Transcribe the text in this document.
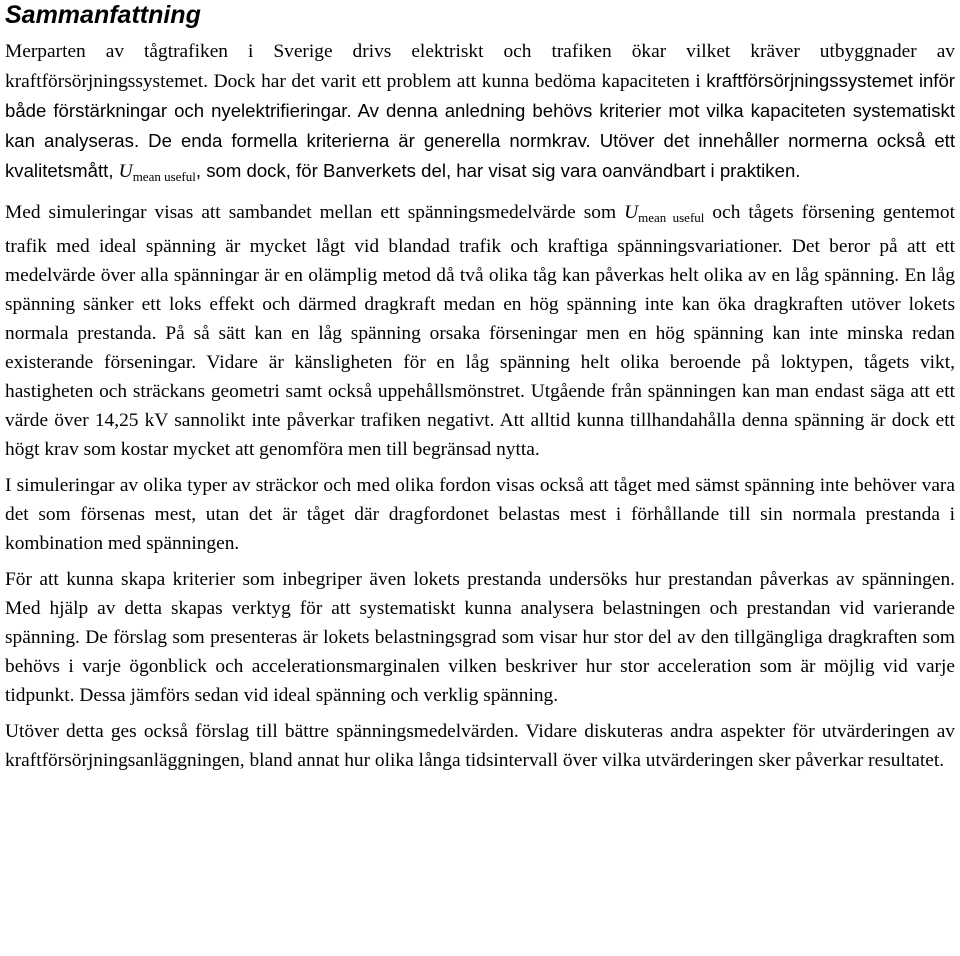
Sammanfattning

Merparten av tågtrafiken i Sverige drivs elektriskt och trafiken ökar vilket kräver utbyggnader av kraftförsörjningssystemet. Dock har det varit ett problem att kunna bedöma kapaciteten i kraftförsörjningssystemet inför både förstärkningar och nyelektrifieringar. Av denna anledning behövs kriterier mot vilka kapaciteten systematiskt kan analyseras. De enda formella kriterierna är generella normkrav. Utöver det innehåller normerna också ett kvalitetsmått, $U_{mean useful}$, som dock, för Banverkets del, har visat sig vara oanvändbart i praktiken.

Med simuleringar visas att sambandet mellan ett spänningsmedelvärde som $U_{mean useful}$ och tågets försening gentemot trafik med ideal spänning är mycket lågt vid blandad trafik och kraftiga spänningsvariationer. Det beror på att ett medelvärde över alla spänningar är en olämplig metod då två olika tåg kan påverkas helt olika av en låg spänning. En låg spänning sänker ett loks effekt och därmed dragkraft medan en hög spänning inte kan öka dragkraften utöver lokets normala prestanda. På så sätt kan en låg spänning orsaka förseningar men en hög spänning kan inte minska redan existerande förseningar. Vidare är känsligheten för en låg spänning helt olika beroende på loktypen, tågets vikt, hastigheten och sträckans geometri samt också uppehållsmönstret. Utgående från spänningen kan man endast säga att ett värde över 14,25 kV sannolikt inte påverkar trafiken negativt. Att alltid kunna tillhandahålla denna spänning är dock ett högt krav som kostar mycket att genomföra men till begränsad nytta.

I simuleringar av olika typer av sträckor och med olika fordon visas också att tåget med sämst spänning inte behöver vara det som försenas mest, utan det är tåget där dragfordonet belastas mest i förhållande till sin normala prestanda i kombination med spänningen.

För att kunna skapa kriterier som inbegriper även lokets prestanda undersöks hur prestandan påverkas av spänningen. Med hjälp av detta skapas verktyg för att systematiskt kunna analysera belastningen och prestandan vid varierande spänning. De förslag som presenteras är lokets belastningsgrad som visar hur stor del av den tillgängliga dragkraften som behövs i varje ögonblick och accelerationsmarginalen vilken beskriver hur stor acceleration som är möjlig vid varje tidpunkt. Dessa jämförs sedan vid ideal spänning och verklig spänning.

Utöver detta ges också förslag till bättre spänningsmedelvärden. Vidare diskuteras andra aspekter för utvärderingen av kraftförsörjningsanläggningen, bland annat hur olika långa tidsintervall över vilka utvärderingen sker påverkar resultatet.
